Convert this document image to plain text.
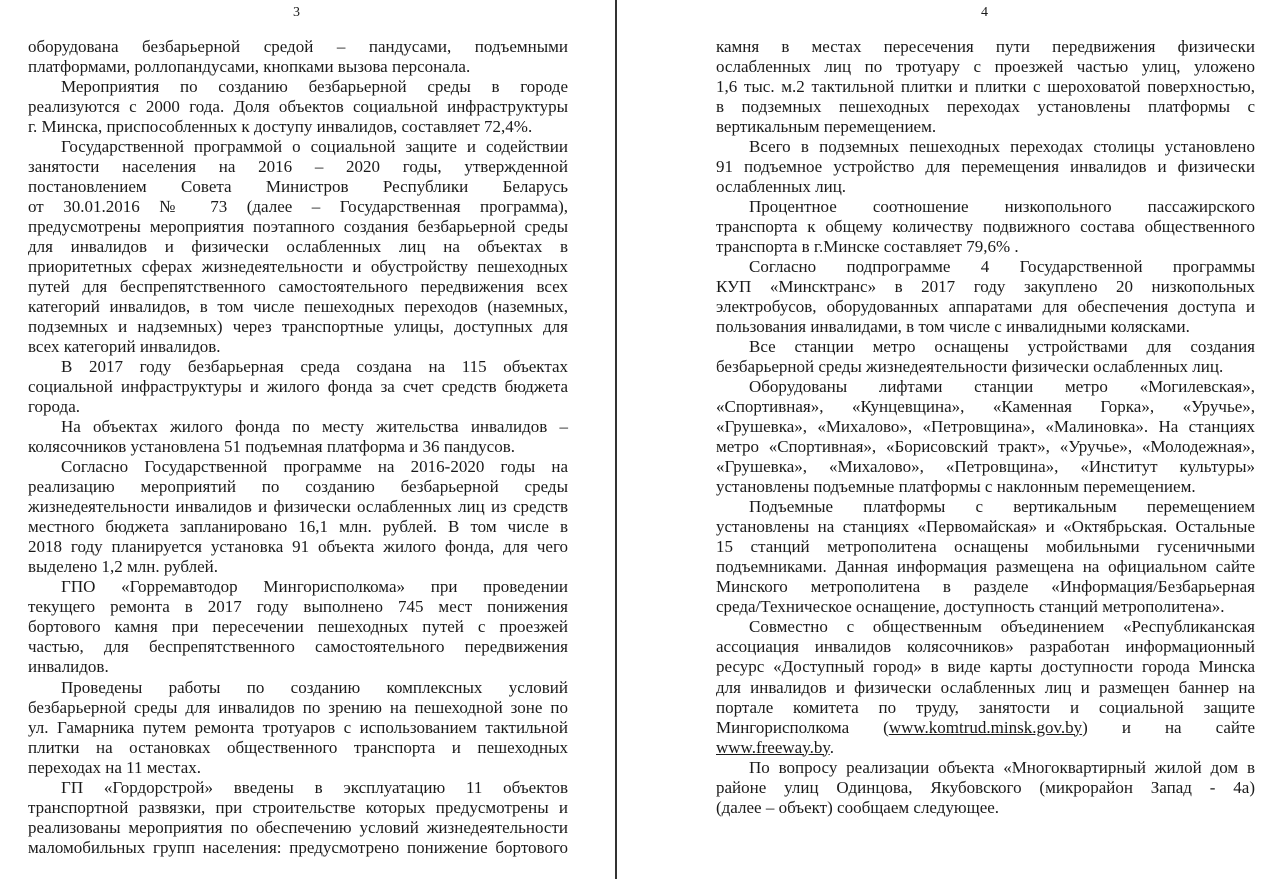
3
оборудована безбарьерной средой – пандусами, подъемными
платформами, роллопандусами, кнопками вызова персонала.
Мероприятия по созданию безбарьерной среды в городе
реализуются с 2000 года. Доля объектов социальной инфраструктуры
г. Минска, приспособленных к доступу инвалидов, составляет 72,4%.
Государственной программой о социальной защите и содействии
занятости населения на 2016 – 2020 годы, утвержденной
постановлением Совета Министров Республики Беларусь
от 30.01.2016 № 73 (далее – Государственная программа),
предусмотрены мероприятия поэтапного создания безбарьерной среды
для инвалидов и физически ослабленных лиц на объектах в
приоритетных сферах жизнедеятельности и обустройству пешеходных
путей для беспрепятственного самостоятельного передвижения всех
категорий инвалидов, в том числе пешеходных переходов (наземных,
подземных и надземных) через транспортные улицы, доступных для
всех категорий инвалидов.
В 2017 году безбарьерная среда создана на 115 объектах
социальной инфраструктуры и жилого фонда за счет средств бюджета
города.
На объектах жилого фонда по месту жительства инвалидов –
колясочников установлена 51 подъемная платформа и 36 пандусов.
Согласно Государственной программе на 2016-2020 годы на
реализацию мероприятий по созданию безбарьерной среды
жизнедеятельности инвалидов и физически ослабленных лиц из средств
местного бюджета запланировано 16,1 млн. рублей. В том числе в
2018 году планируется установка 91 объекта жилого фонда, для чего
выделено 1,2 млн. рублей.
ГПО «Горремавтодор Мингорисполкома» при проведении
текущего ремонта в 2017 году выполнено 745 мест понижения
бортового камня при пересечении пешеходных путей с проезжей
частью, для беспрепятственного самостоятельного передвижения
инвалидов.
Проведены работы по созданию комплексных условий
безбарьерной среды для инвалидов по зрению на пешеходной зоне по
ул. Гамарника путем ремонта тротуаров с использованием тактильной
плитки на остановках общественного транспорта и пешеходных
переходах на 11 местах.
ГП «Гордорстрой» введены в эксплуатацию 11 объектов
транспортной развязки, при строительстве которых предусмотрены и
реализованы мероприятия по обеспечению условий жизнедеятельности
маломобильных групп населения: предусмотрено понижение бортового
4
камня в местах пересечения пути передвижения физически
ослабленных лиц по тротуару с проезжей частью улиц, уложено
1,6 тыс. м.2 тактильной плитки и плитки с шероховатой поверхностью,
в подземных пешеходных переходах установлены платформы с
вертикальным перемещением.
Всего в подземных пешеходных переходах столицы установлено
91 подъемное устройство для перемещения инвалидов и физически
ослабленных лиц.
Процентное соотношение низкопольного пассажирского
транспорта к общему количеству подвижного состава общественного
транспорта в г.Минске составляет 79,6% .
Согласно подпрограмме 4 Государственной программы
КУП «Минсктранс» в 2017 году закуплено 20 низкопольных
электробусов, оборудованных аппаратами для обеспечения доступа и
пользования инвалидами, в том числе с инвалидными колясками.
Все станции метро оснащены устройствами для создания
безбарьерной среды жизнедеятельности физически ослабленных лиц.
Оборудованы лифтами станции метро «Могилевская»,
«Спортивная», «Кунцевщина», «Каменная Горка», «Уручье»,
«Грушевка», «Михалово», «Петровщина», «Малиновка». На станциях
метро «Спортивная», «Борисовский тракт», «Уручье», «Молодежная»,
«Грушевка», «Михалово», «Петровщина», «Институт культуры»
установлены подъемные платформы с наклонным перемещением.
Подъемные платформы с вертикальным перемещением
установлены на станциях «Первомайская» и «Октябрьская. Остальные
15 станций метрополитена оснащены мобильными гусеничными
подъемниками. Данная информация размещена на официальном сайте
Минского метрополитена в разделе «Информация/Безбарьерная
среда/Техническое оснащение, доступность станций метрополитена».
Совместно с общественным объединением «Республиканская
ассоциация инвалидов колясочников» разработан информационный
ресурс «Доступный город» в виде карты доступности города Минска
для инвалидов и физически ослабленных лиц и размещен баннер на
портале комитета по труду, занятости и социальной защите
Мингорисполкома (www.komtrud.minsk.gov.by) и на сайте
www.freeway.by.
По вопросу реализации объекта «Многоквартирный жилой дом в
районе улиц Одинцова, Якубовского (микрорайон Запад - 4а)
(далее – объект) сообщаем следующее.
